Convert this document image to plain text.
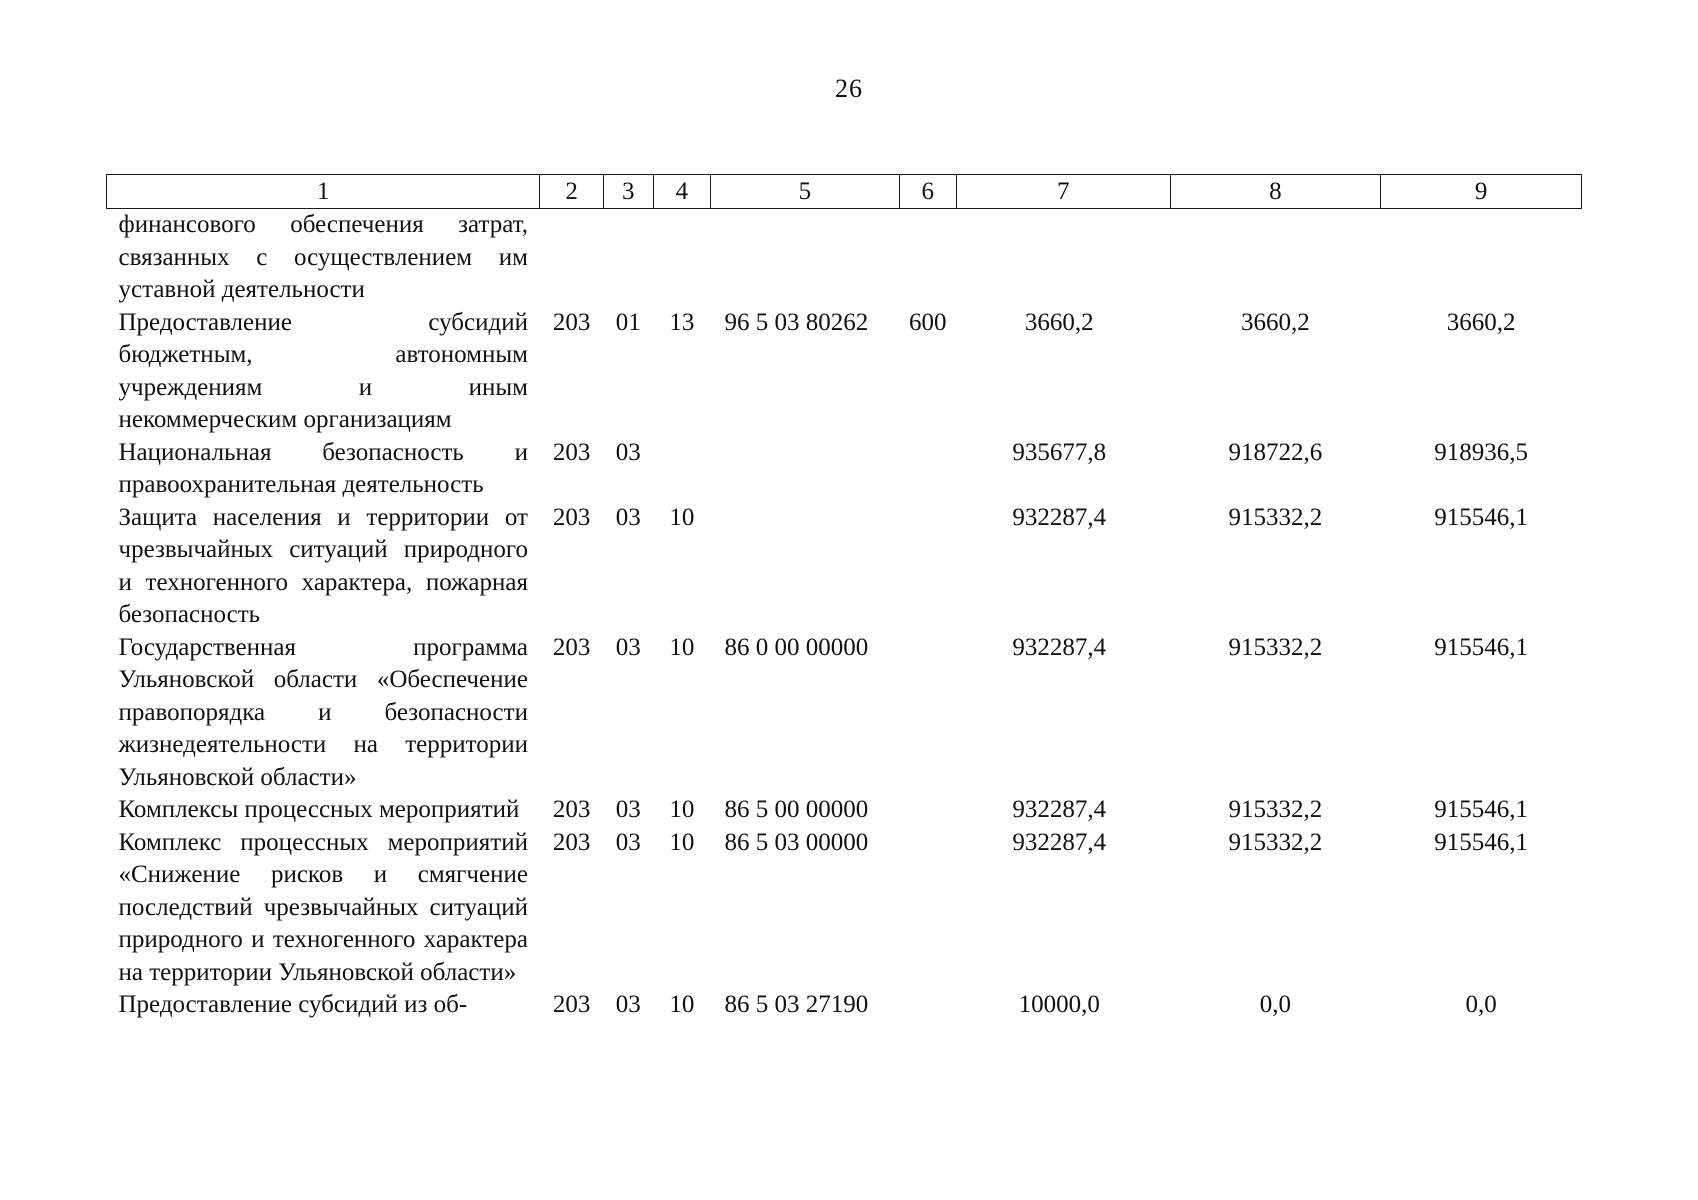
26
1	2	3	4	5	6	7	8	9
финансового обеспечения затрат, связанных с осуществлением им уставной деятельности								
Предоставление субсидий бюджетным, автономным учреждениям и иным некоммерческим организациям	203	01	13	96 5 03 80262	600	3660,2	3660,2	3660,2
Национальная безопасность и правоохранительная деятельность	203	03				935677,8	918722,6	918936,5
Защита населения и территории от чрезвычайных ситуаций природного и техногенного характера, пожарная безопасность	203	03	10			932287,4	915332,2	915546,1
Государственная программа Ульяновской области «Обеспечение правопорядка и безопасности жизнедеятельности на территории Ульяновской области»	203	03	10	86 0 00 00000		932287,4	915332,2	915546,1
Комплексы процессных мероприятий	203	03	10	86 5 00 00000		932287,4	915332,2	915546,1
Комплекс процессных мероприятий «Снижение рисков и смягчение последствий чрезвычайных ситуаций природного и техногенного характера на территории Ульяновской области»	203	03	10	86 5 03 00000		932287,4	915332,2	915546,1
Предоставление субсидий из об-	203	03	10	86 5 03 27190		10000,0	0,0	0,0
